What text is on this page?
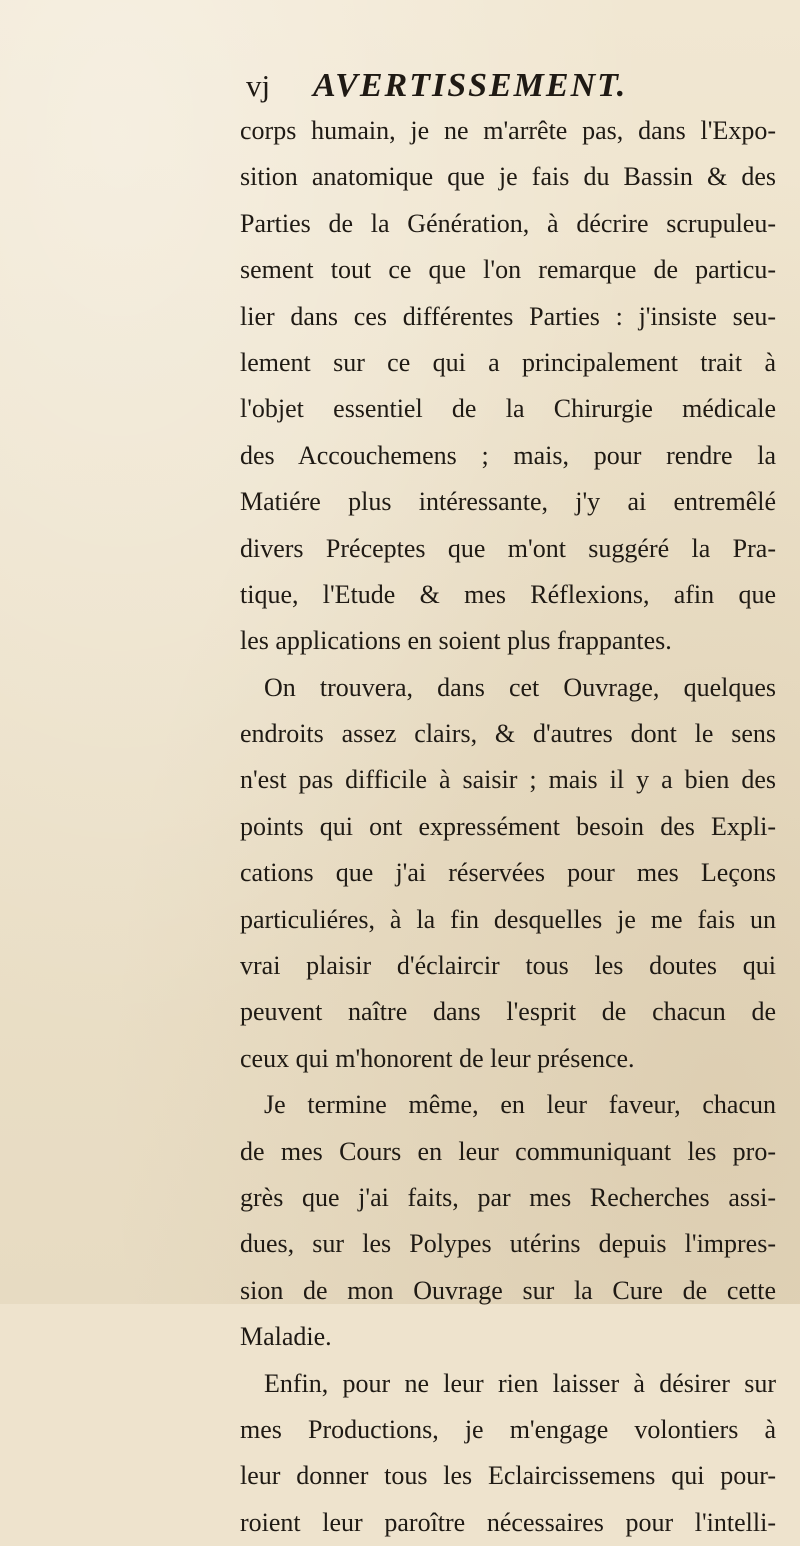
vj AVERTISSEMENT.
corps humain, je ne m'arrête pas, dans l'Expo-
sition anatomique que je fais du Bassin & des
Parties de la Génération, à décrire scrupuleu-
sement tout ce que l'on remarque de particu-
lier dans ces différentes Parties : j'insiste seu-
lement sur ce qui a principalement trait à
l'objet essentiel de la Chirurgie médicale
des Accouchemens ; mais, pour rendre la
Matiére plus intéressante, j'y ai entremêlé
divers Préceptes que m'ont suggéré la Pra-
tique, l'Etude & mes Réflexions, afin que
les applications en soient plus frappantes.
On trouvera, dans cet Ouvrage, quelques
endroits assez clairs, & d'autres dont le sens
n'est pas difficile à saisir ; mais il y a bien des
points qui ont expressément besoin des Expli-
cations que j'ai réservées pour mes Leçons
particuliéres, à la fin desquelles je me fais un
vrai plaisir d'éclaircir tous les doutes qui
peuvent naître dans l'esprit de chacun de
ceux qui m'honorent de leur présence.
Je termine même, en leur faveur, chacun
de mes Cours en leur communiquant les pro-
grès que j'ai faits, par mes Recherches assi-
dues, sur les Polypes utérins depuis l'impres-
sion de mon Ouvrage sur la Cure de cette
Maladie.
Enfin, pour ne leur rien laisser à désirer sur
mes Productions, je m'engage volontiers à
leur donner tous les Eclaircissemens qui pour-
roient leur paroître nécessaires pour l'intelli-
